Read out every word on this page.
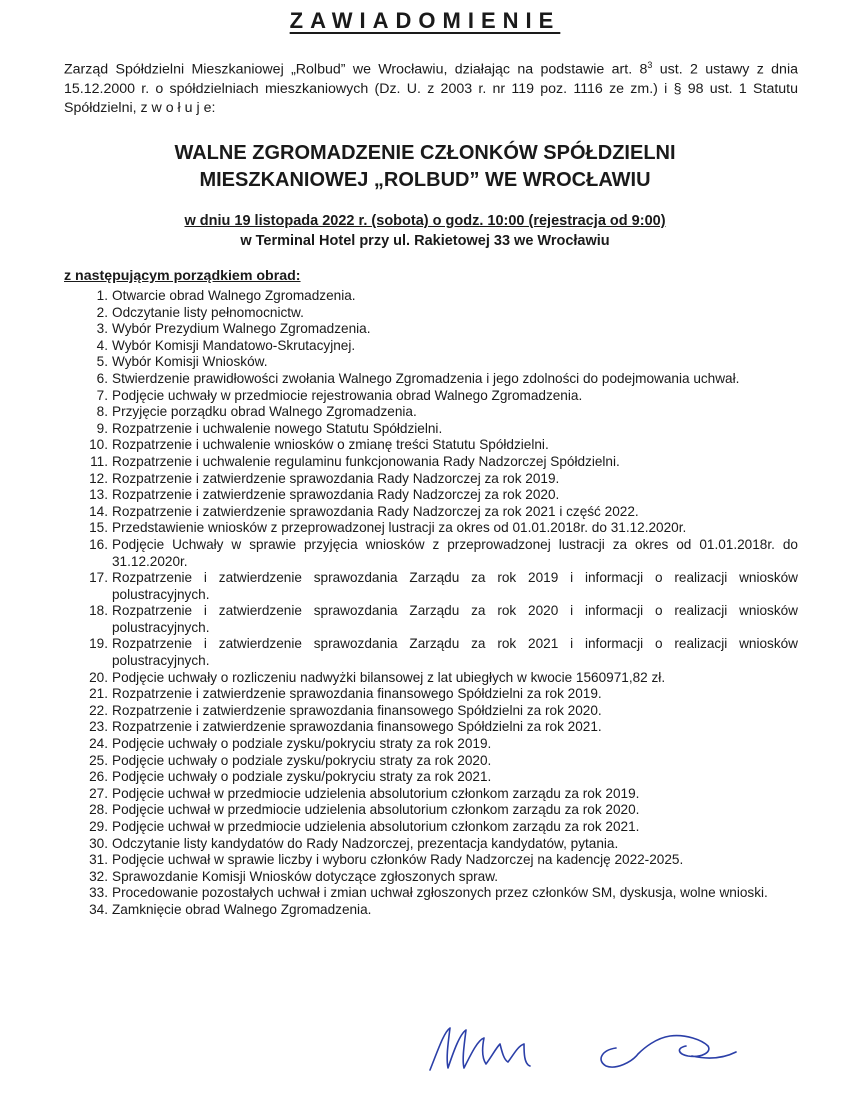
ZAWIADOMIENIE
Zarząd Spółdzielni Mieszkaniowej „Rolbud” we Wrocławiu, działając na podstawie art. $8^3$ ust. 2 ustawy z dnia 15.12.2000 r. o spółdzielniach mieszkaniowych (Dz. U. z 2003 r. nr 119 poz. 1116 ze zm.) i § 98 ust. 1 Statutu Spółdzielni, z w o ł u j e:
WALNE ZGROMADZENIE CZŁONKÓW SPÓŁDZIELNI
MIESZKANIOWEJ „ROLBUD” WE WROCŁAWIU
w dniu 19 listopada 2022 r. (sobota) o godz. 10:00 (rejestracja od 9:00)
w Terminal Hotel przy ul. Rakietowej 33 we Wrocławiu
z następującym porządkiem obrad:
1. Otwarcie obrad Walnego Zgromadzenia.
2. Odczytanie listy pełnomocnictw.
3. Wybór Prezydium Walnego Zgromadzenia.
4. Wybór Komisji Mandatowo-Skrutacyjnej.
5. Wybór Komisji Wniosków.
6. Stwierdzenie prawidłowości zwołania Walnego Zgromadzenia i jego zdolności do podejmowania uchwał.
7. Podjęcie uchwały w przedmiocie rejestrowania obrad Walnego Zgromadzenia.
8. Przyjęcie porządku obrad Walnego Zgromadzenia.
9. Rozpatrzenie i uchwalenie nowego Statutu Spółdzielni.
10. Rozpatrzenie i uchwalenie wniosków o zmianę treści Statutu Spółdzielni.
11. Rozpatrzenie i uchwalenie regulaminu funkcjonowania Rady Nadzorczej Spółdzielni.
12. Rozpatrzenie i zatwierdzenie sprawozdania Rady Nadzorczej za rok 2019.
13. Rozpatrzenie i zatwierdzenie sprawozdania Rady Nadzorczej za rok 2020.
14. Rozpatrzenie i zatwierdzenie sprawozdania Rady Nadzorczej za rok 2021 i część 2022.
15. Przedstawienie wniosków z przeprowadzonej lustracji za okres od 01.01.2018r. do 31.12.2020r.
16. Podjęcie Uchwały w sprawie przyjęcia wniosków z przeprowadzonej lustracji za okres od 01.01.2018r. do 31.12.2020r.
17. Rozpatrzenie i zatwierdzenie sprawozdania Zarządu za rok 2019 i informacji o realizacji wniosków polustracyjnych.
18. Rozpatrzenie i zatwierdzenie sprawozdania Zarządu za rok 2020 i informacji o realizacji wniosków polustracyjnych.
19. Rozpatrzenie i zatwierdzenie sprawozdania Zarządu za rok 2021 i informacji o realizacji wniosków polustracyjnych.
20. Podjęcie uchwały o rozliczeniu nadwyżki bilansowej z lat ubiegłych w kwocie 1560971,82 zł.
21. Rozpatrzenie i zatwierdzenie sprawozdania finansowego Spółdzielni za rok 2019.
22. Rozpatrzenie i zatwierdzenie sprawozdania finansowego Spółdzielni za rok 2020.
23. Rozpatrzenie i zatwierdzenie sprawozdania finansowego Spółdzielni za rok 2021.
24. Podjęcie uchwały o podziale zysku/pokryciu straty za rok 2019.
25. Podjęcie uchwały o podziale zysku/pokryciu straty za rok 2020.
26. Podjęcie uchwały o podziale zysku/pokryciu straty za rok 2021.
27. Podjęcie uchwał w przedmiocie udzielenia absolutorium członkom zarządu za rok 2019.
28. Podjęcie uchwał w przedmiocie udzielenia absolutorium członkom zarządu za rok 2020.
29. Podjęcie uchwał w przedmiocie udzielenia absolutorium członkom zarządu za rok 2021.
30. Odczytanie listy kandydatów do Rady Nadzorczej, prezentacja kandydatów, pytania.
31. Podjęcie uchwał w sprawie liczby i wyboru członków Rady Nadzorczej na kadencję 2022-2025.
32. Sprawozdanie Komisji Wniosków dotyczące zgłoszonych spraw.
33. Procedowanie pozostałych uchwał i zmian uchwał zgłoszonych przez członków SM, dyskusja, wolne wnioski.
34. Zamknięcie obrad Walnego Zgromadzenia.
